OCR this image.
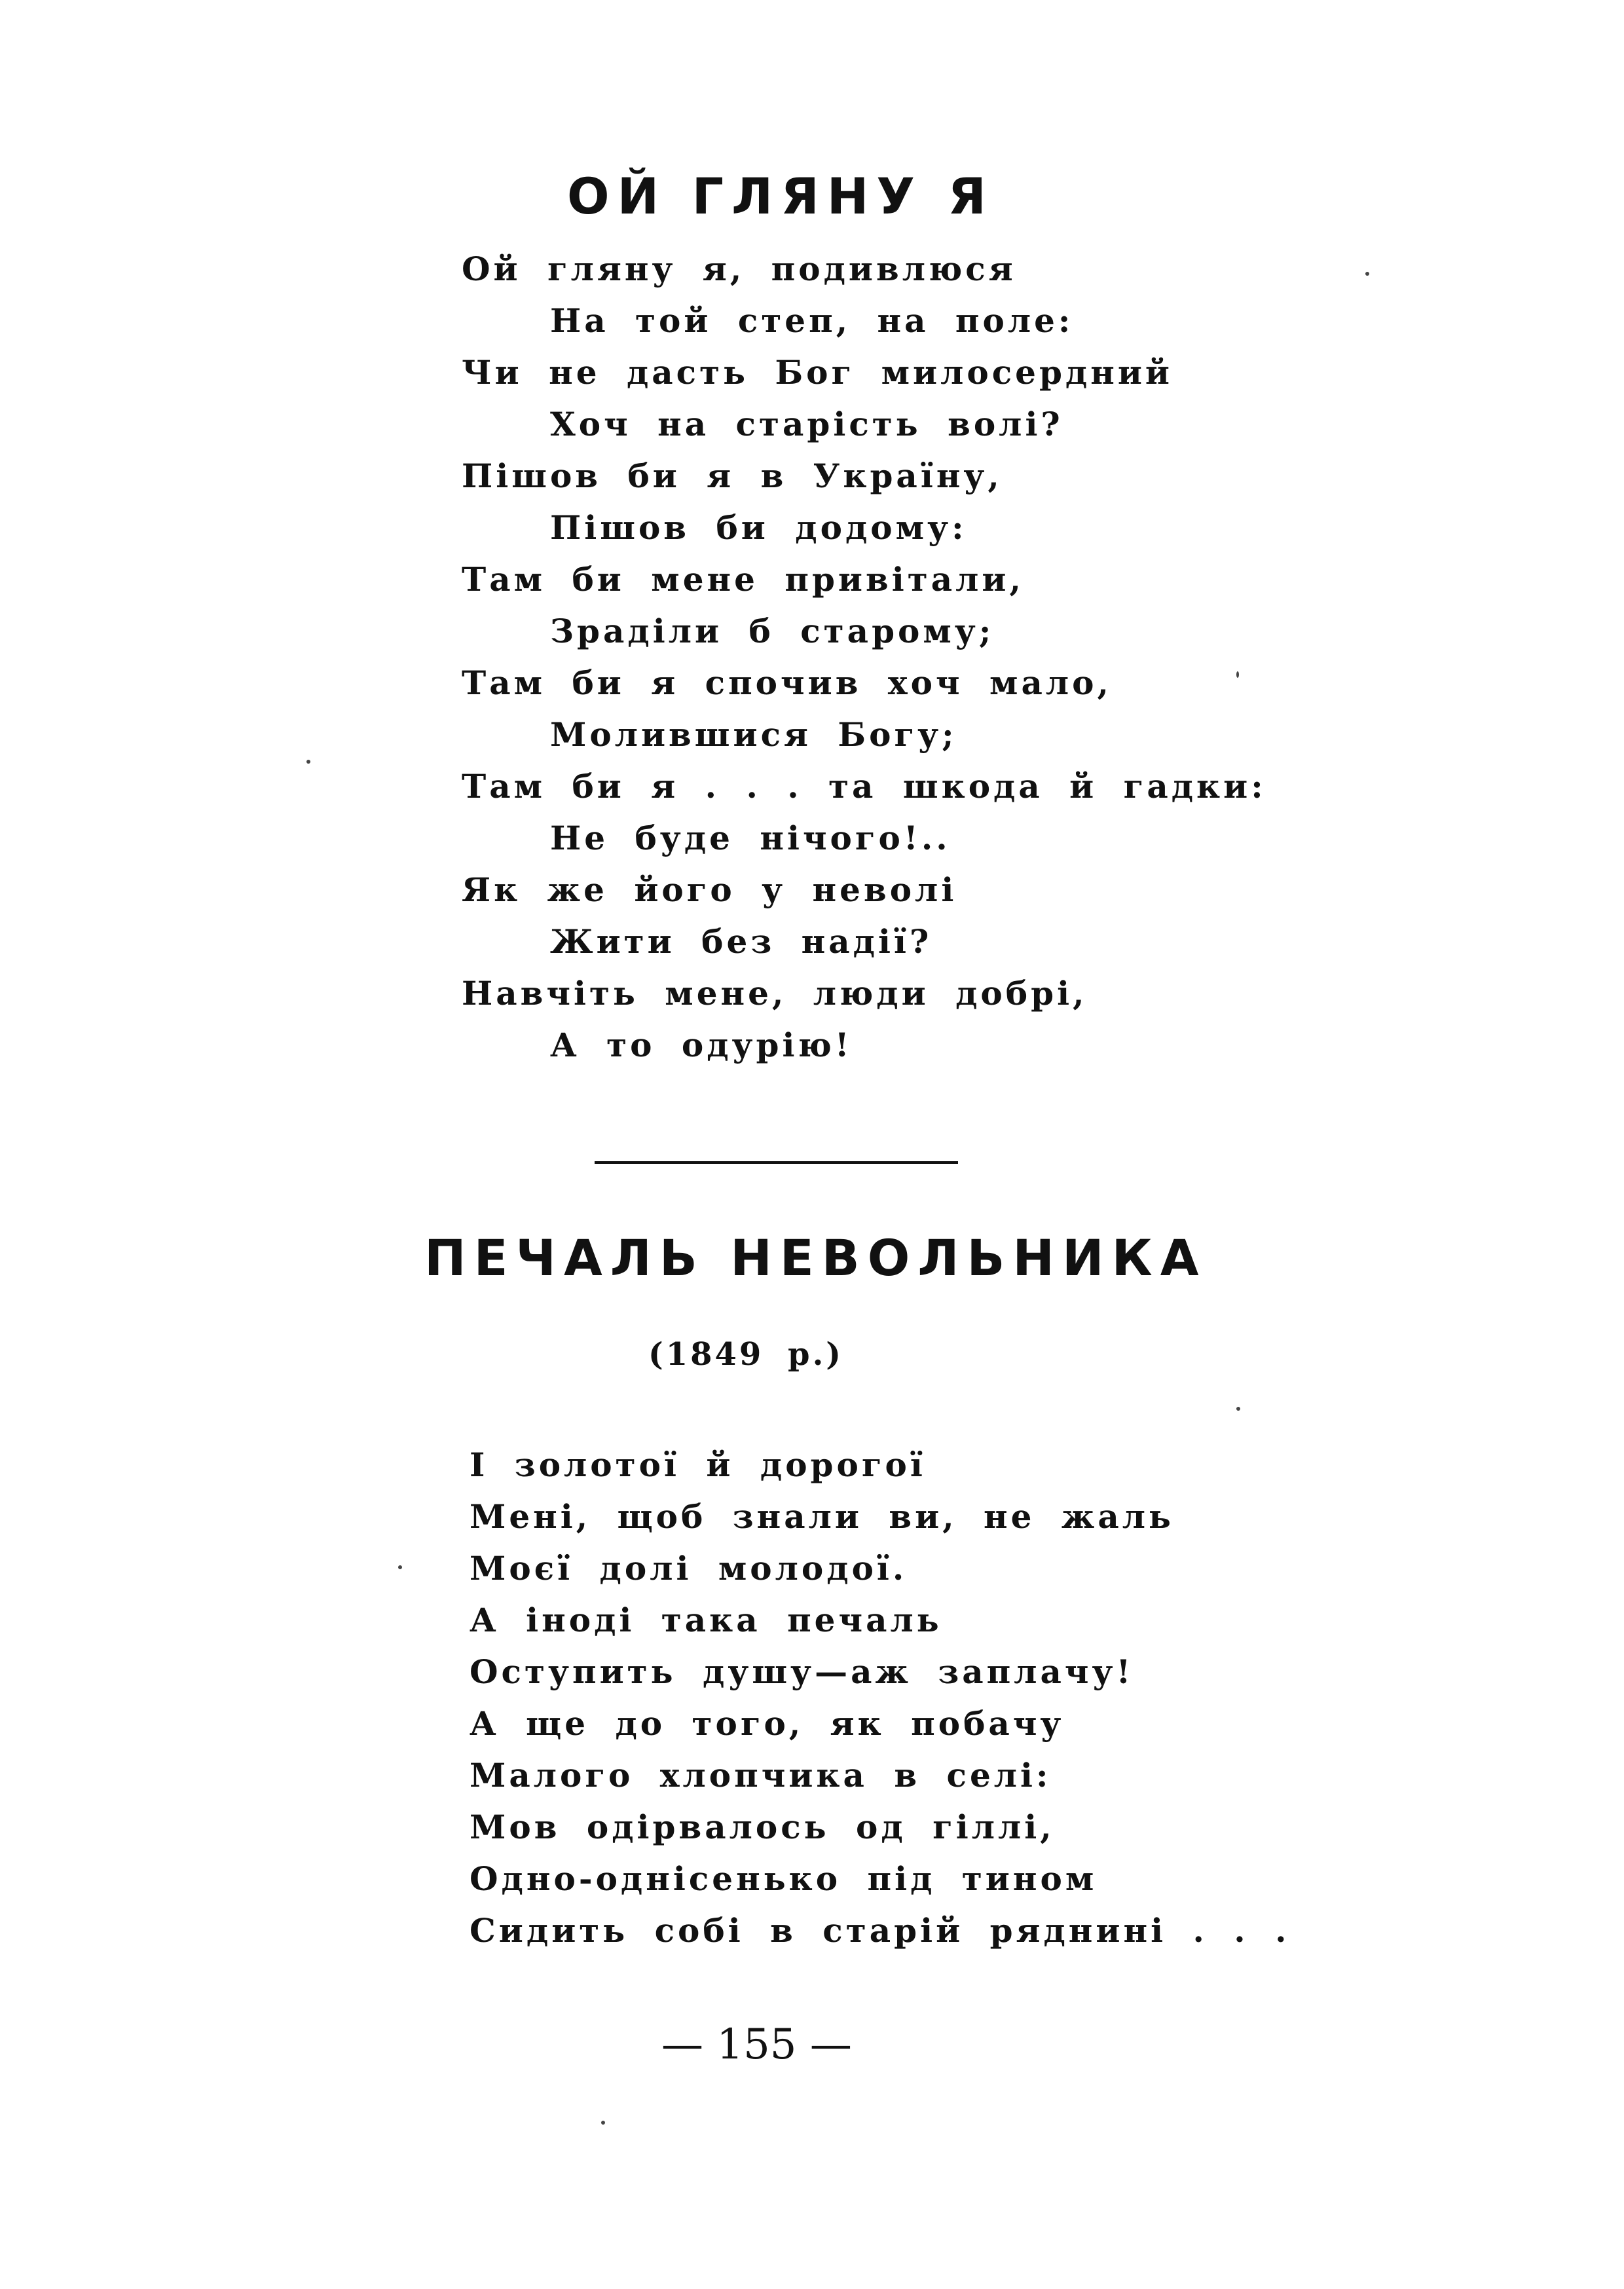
ОЙ ГЛЯНУ Я
Ой гляну я, подивлюся
На той степ, на поле:
Чи не дасть Бог милосердний
Хоч на старість волі?
Пішов би я в Україну,
Пішов би додому:
Там би мене привітали,
Зраділи б старому;
Там би я спочив хоч мало,
Молившися Богу;
Там би я . . . та шкода й гадки:
Не буде нічого!..
Як же його у неволі
Жити без надії?
Навчіть мене, люди добрі,
А то одурію!
ПЕЧАЛЬ НЕВОЛЬНИКА
(1849 р.)
І золотої й дорогої
Мені, щоб знали ви, не жаль
Моєї долі молодої.
А іноді така печаль
Оступить душу—аж заплачу!
А ще до того, як побачу
Малого хлопчика в селі:
Мов одірвалось од гіллі,
Одно-однісенько під тином
Сидить собі в старій ряднині . . .
— 155 —
